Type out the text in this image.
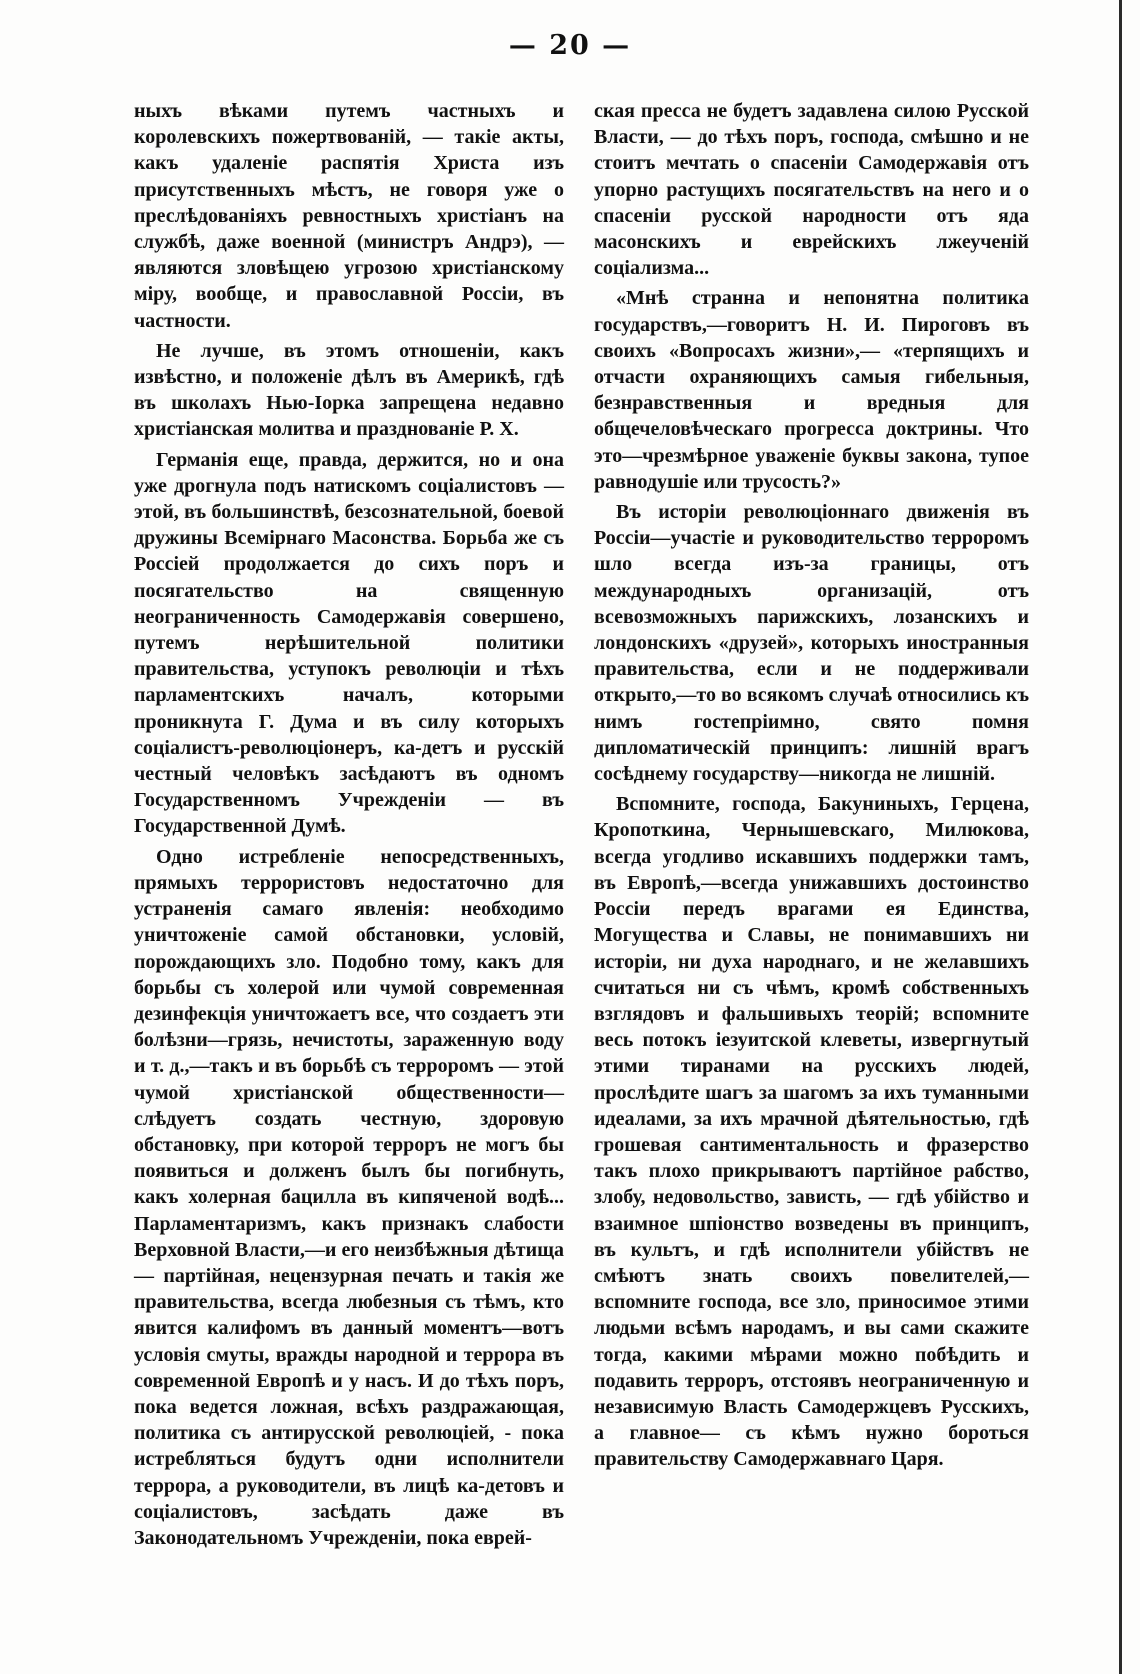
— 20 —

ныхъ вѣками путемъ частныхъ и королевскихъ пожертвованій, — такіе акты, какъ удаленіе распятія Христа изъ присутственныхъ мѣстъ, не говоря уже о преслѣдованіяхъ ревностныхъ христіанъ на службѣ, даже военной (министръ Андрэ), — являются зловѣщею угрозою христіанскому міру, вообще, и православной Россіи, въ частности.

Не лучше, въ этомъ отношеніи, какъ извѣстно, и положеніе дѣлъ въ Америкѣ, гдѣ въ школахъ Нью-Іорка запрещена недавно христіанская молитва и празднованіе Р. Х.

Германія еще, правда, держится, но и она уже дрогнула подъ натискомъ соціалистовъ — этой, въ большинствѣ, безсознательной, боевой дружины Всемірнаго Масонства. Борьба же съ Россіей продолжается до сихъ поръ и посягательство на священную неограниченность Самодержавія совершено, путемъ нерѣшительной политики правительства, уступокъ революціи и тѣхъ парламентскихъ началъ, которыми проникнута Г. Дума и въ силу которыхъ соціалистъ-революціонеръ, ка-детъ и русскій честный человѣкъ засѣдаютъ въ одномъ Государственномъ Учрежденіи — въ Государственной Думѣ.

Одно истребленіе непосредственныхъ, прямыхъ террористовъ недостаточно для устраненія самаго явленія: необходимо уничтоженіе самой обстановки, условій, порождающихъ зло. Подобно тому, какъ для борьбы съ холерой или чумой современная дезинфекція уничтожаетъ все, что создаетъ эти болѣзни—грязь, нечистоты, зараженную воду и т. д.,—такъ и въ борьбѣ съ терроромъ — этой чумой христіанской общественности—слѣдуетъ создать честную, здоровую обстановку, при которой терроръ не могъ бы появиться и долженъ былъ бы погибнуть, какъ холерная бацилла въ кипяченой водѣ... Парламентаризмъ, какъ признакъ слабости Верховной Власти,—и его неизбѣжныя дѣтища— партійная, нецензурная печать и такія же правительства, всегда любезныя съ тѣмъ, кто явится калифомъ въ данный моментъ—вотъ условія смуты, вражды народной и террора въ современной Европѣ и у насъ. И до тѣхъ поръ, пока ведется ложная, всѣхъ раздражающая, политика съ антирусской революціей, - пока истребляться будутъ одни исполнители террора, а руководители, въ лицѣ ка-детовъ и соціалистовъ, засѣдать даже въ Законодательномъ Учрежденіи, пока еврей-

ская пресса не будетъ задавлена силою Русской Власти, — до тѣхъ поръ, господа, смѣшно и не стоитъ мечтать о спасеніи Самодержавія отъ упорно растущихъ посягательствъ на него и о спасеніи русской народности отъ яда масонскихъ и еврейскихъ лжеученій соціализма...

«Мнѣ странна и непонятна политика государствъ,—говоритъ Н. И. Пироговъ въ своихъ «Вопросахъ жизни»,— «терпящихъ и отчасти охраняющихъ самыя гибельныя, безнравственныя и вредныя для общечеловѣческаго прогресса доктрины. Что это—чрезмѣрное уваженіе буквы закона, тупое равнодушіе или трусость?»

Въ исторіи революціоннаго движенія въ Россіи—участіе и руководительство терроромъ шло всегда изъ-за границы, отъ международныхъ организацій, отъ всевозможныхъ парижскихъ, лозанскихъ и лондонскихъ «друзей», которыхъ иностранныя правительства, если и не поддерживали открыто,—то во всякомъ случаѣ относились къ нимъ гостепріимно, свято помня дипломатическій принципъ: лишній врагъ сосѣднему государству—никогда не лишній.

Вспомните, господа, Бакуниныхъ, Герцена, Кропоткина, Чернышевскаго, Милюкова, всегда угодливо искавшихъ поддержки тамъ, въ Европѣ,—всегда унижавшихъ достоинство Россіи передъ врагами ея Единства, Могущества и Славы, не понимавшихъ ни исторіи, ни духа народнаго, и не желавшихъ считаться ни съ чѣмъ, кромѣ собственныхъ взглядовъ и фальшивыхъ теорій; вспомните весь потокъ іезуитской клеветы, извергнутый этими тиранами на русскихъ людей, прослѣдите шагъ за шагомъ за ихъ туманными идеалами, за ихъ мрачной дѣятельностью, гдѣ грошевая сантиментальность и фразерство такъ плохо прикрываютъ партійное рабство, злобу, недовольство, зависть, — гдѣ убійство и взаимное шпіонство возведены въ принципъ, въ культъ, и гдѣ исполнители убійствъ не смѣютъ знать своихъ повелителей,— вспомните господа, все зло, приносимое этими людьми всѣмъ народамъ, и вы сами скажите тогда, какими мѣрами можно побѣдить и подавить терроръ, отстоявъ неограниченную и независимую Власть Самодержцевъ Русскихъ, а главное— съ кѣмъ нужно бороться правительству Самодержавнаго Царя.
